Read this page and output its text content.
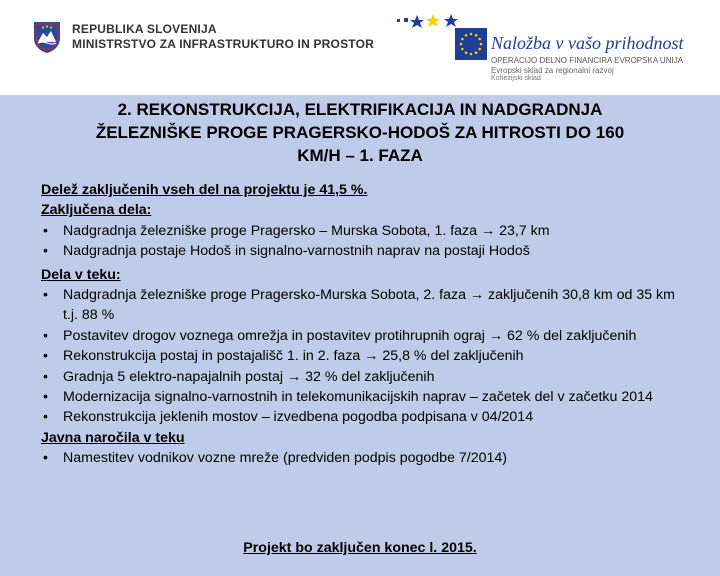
REPUBLIKA SLOVENIJA
MINISTRSTVO ZA INFRASTRUKTURO IN PROSTOR	Naložba v vašo prihodnost
OPERACIJO DELNO FINANCIRA EVROPSKA UNIJA
Evropski sklad za regionalni razvoj
Kohezijski sklad
2. REKONSTRUKCIJA, ELEKTRIFIKACIJA IN NADGRADNJA
ŽELEZNIŠKE PROGE PRAGERSKO-HODOŠ ZA HITROSTI DO 160
KM/H – 1. FAZA
Delež zaključenih vseh del na projektu je 41,5 %.
Zaključena dela:
• Nadgradnja železniške proge Pragersko – Murska Sobota, 1. faza → 23,7 km
• Nadgradnja postaje Hodoš in signalno-varnostnih naprav na postaji Hodoš
Dela v teku:
• Nadgradnja železniške proge Pragersko-Murska Sobota, 2. faza → zaključenih 30,8 km od 35 km t.j. 88 %
• Postavitev drogov voznega omrežja in postavitev protihrupnih ograj → 62 % del zaključenih
• Rekonstrukcija postaj in postajališč 1. in 2. faza → 25,8 % del zaključenih
• Gradnja 5 elektro-napajalnih postaj → 32 % del zaključenih
• Modernizacija signalno-varnostnih in telekomunikacijskih naprav – začetek del v začetku 2014
• Rekonstrukcija jeklenih mostov – izvedbena pogodba podpisana v 04/2014
Javna naročila v teku
• Namestitev vodnikov vozne mreže (predviden podpis pogodbe 7/2014)
Projekt bo zaključen konec l. 2015.
